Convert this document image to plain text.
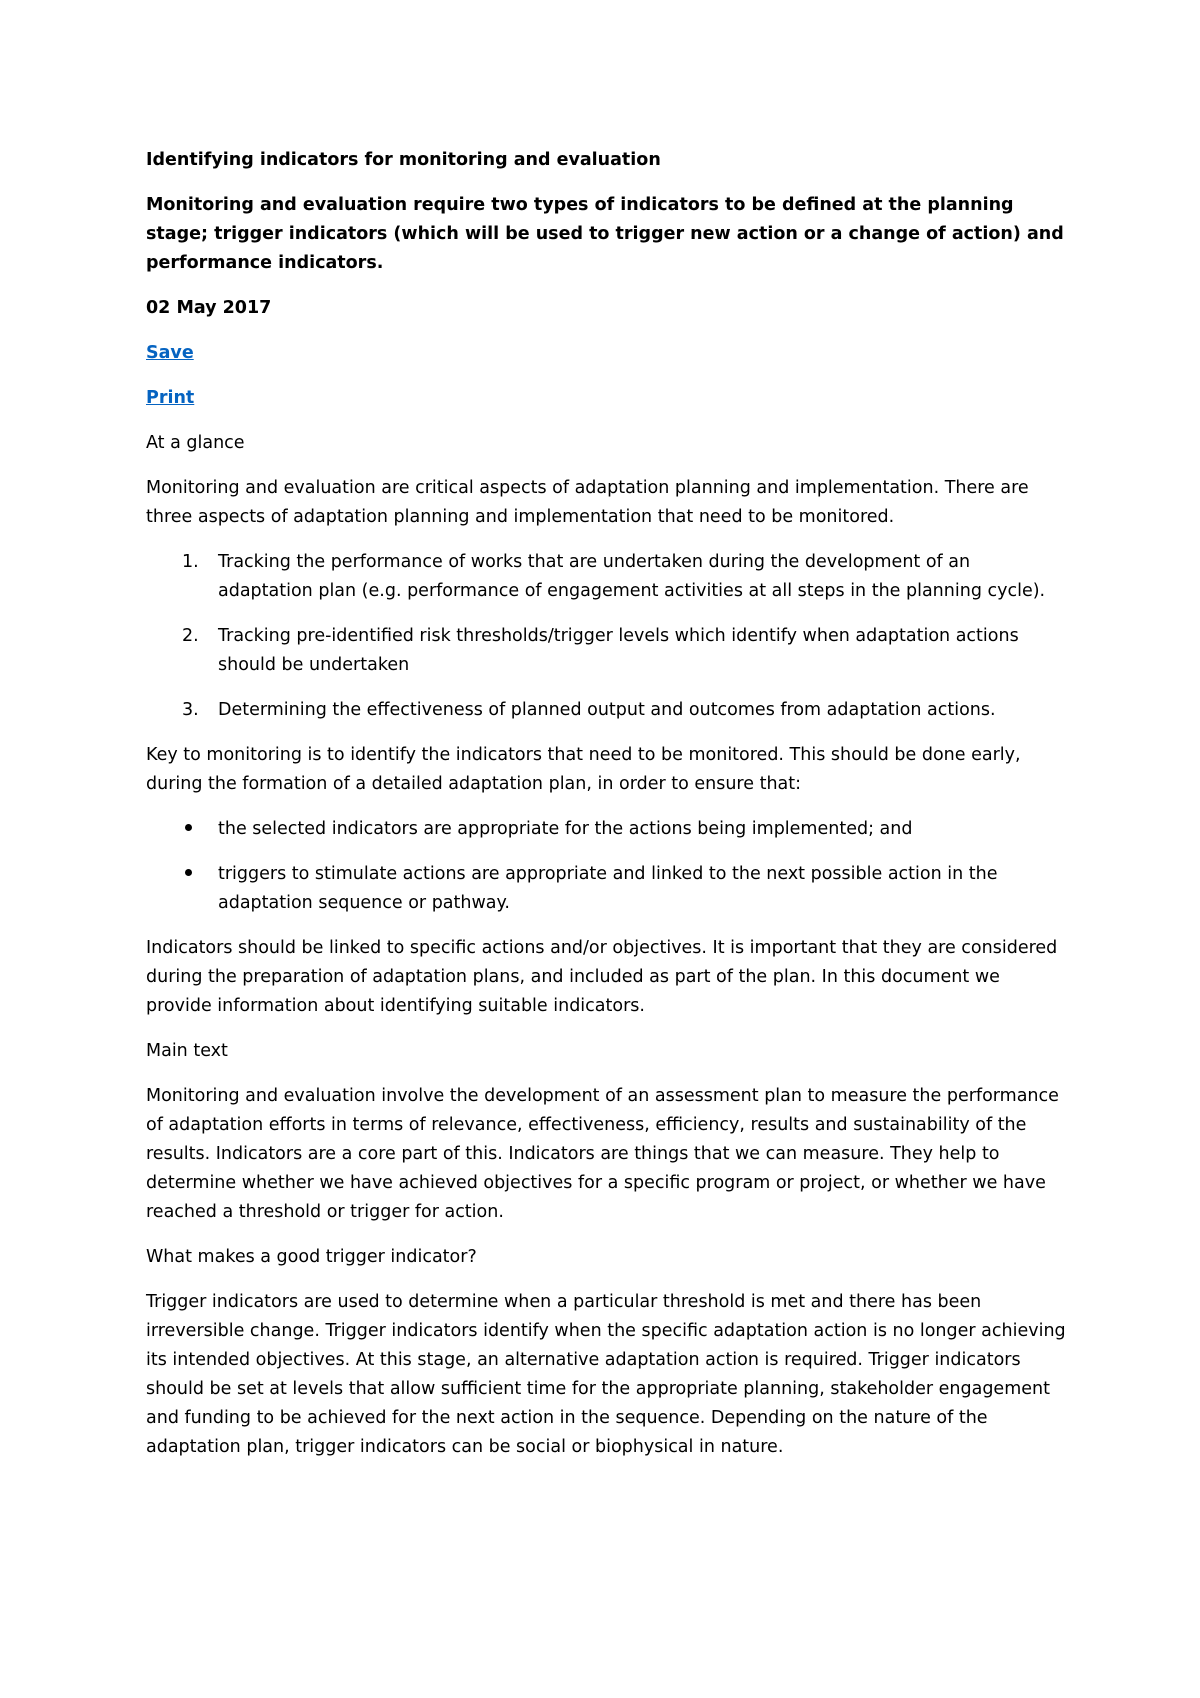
Identifying indicators for monitoring and evaluation

Monitoring and evaluation require two types of indicators to be defined at the planning stage; trigger indicators (which will be used to trigger new action or a change of action) and performance indicators.

02 May 2017

Save

Print

At a glance

Monitoring and evaluation are critical aspects of adaptation planning and implementation. There are three aspects of adaptation planning and implementation that need to be monitored.

1.	Tracking the performance of works that are undertaken during the development of an adaptation plan (e.g. performance of engagement activities at all steps in the planning cycle).
2.	Tracking pre-identified risk thresholds/trigger levels which identify when adaptation actions should be undertaken
3.	Determining the effectiveness of planned output and outcomes from adaptation actions.

Key to monitoring is to identify the indicators that need to be monitored. This should be done early, during the formation of a detailed adaptation plan, in order to ensure that:

the selected indicators are appropriate for the actions being implemented; and
triggers to stimulate actions are appropriate and linked to the next possible action in the adaptation sequence or pathway.

Indicators should be linked to specific actions and/or objectives. It is important that they are considered during the preparation of adaptation plans, and included as part of the plan. In this document we provide information about identifying suitable indicators.

Main text

Monitoring and evaluation involve the development of an assessment plan to measure the performance of adaptation efforts in terms of relevance, effectiveness, efficiency, results and sustainability of the results. Indicators are a core part of this. Indicators are things that we can measure. They help to determine whether we have achieved objectives for a specific program or project, or whether we have reached a threshold or trigger for action.

What makes a good trigger indicator?

Trigger indicators are used to determine when a particular threshold is met and there has been irreversible change. Trigger indicators identify when the specific adaptation action is no longer achieving its intended objectives. At this stage, an alternative adaptation action is required. Trigger indicators should be set at levels that allow sufficient time for the appropriate planning, stakeholder engagement and funding to be achieved for the next action in the sequence. Depending on the nature of the adaptation plan, trigger indicators can be social or biophysical in nature.
